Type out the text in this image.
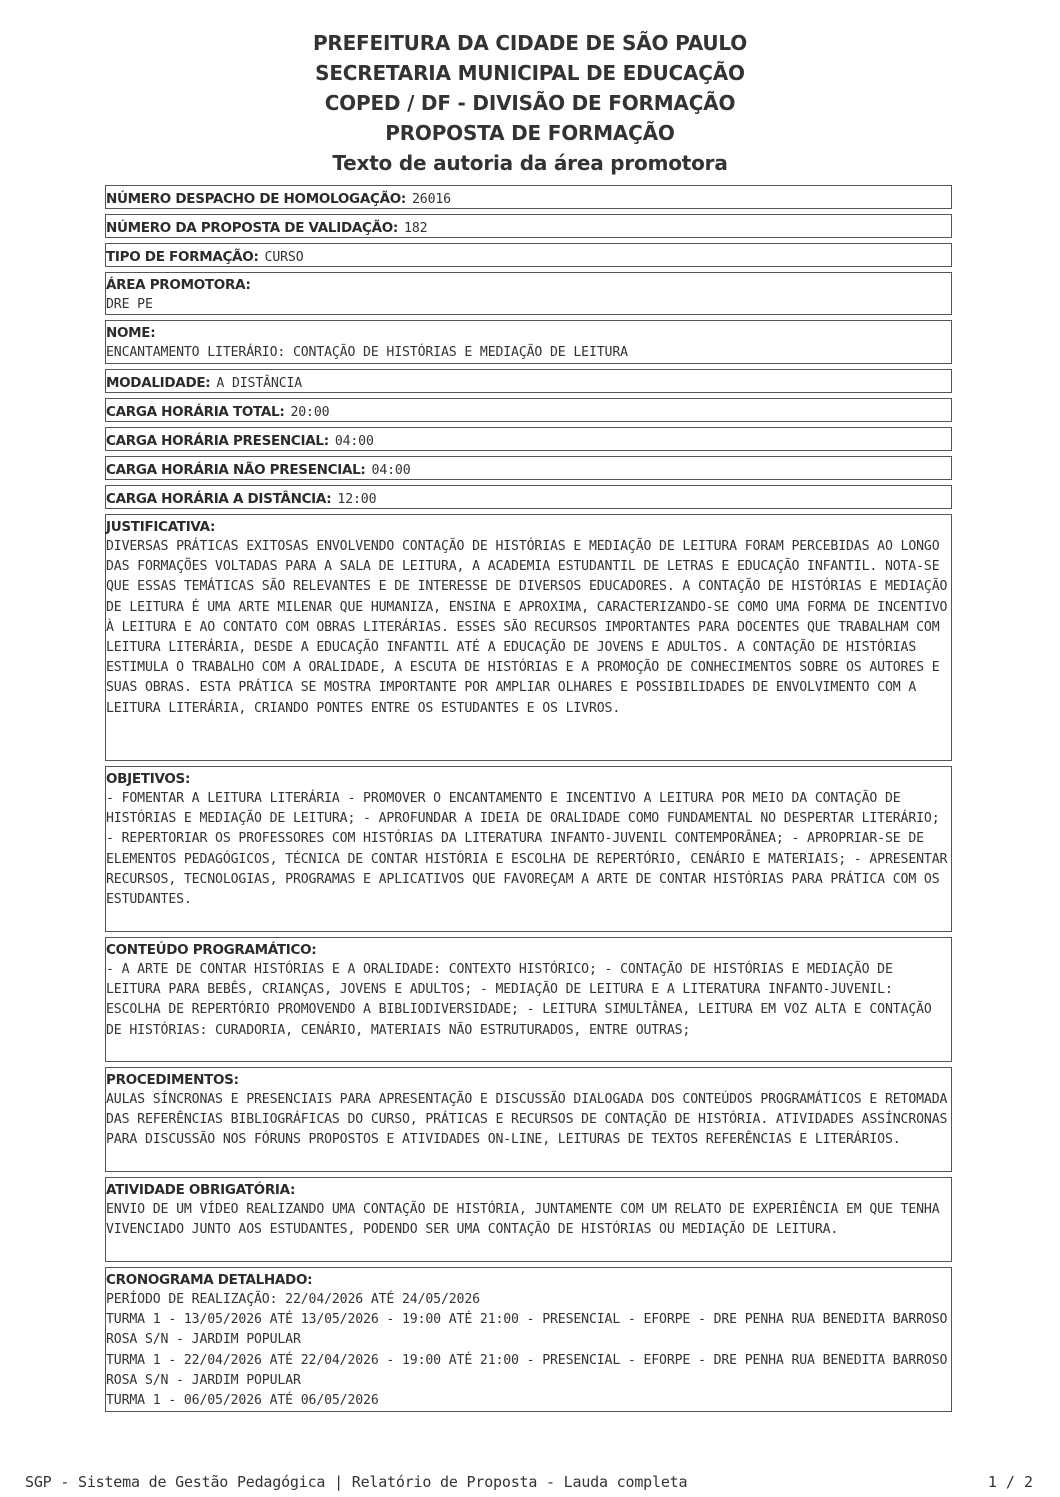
PREFEITURA DA CIDADE DE SÃO PAULO
SECRETARIA MUNICIPAL DE EDUCAÇÃO
COPED / DF - DIVISÃO DE FORMAÇÃO
PROPOSTA DE FORMAÇÃO
Texto de autoria da área promotora
NÚMERO DESPACHO DE HOMOLOGAÇÃO: 26016
NÚMERO DA PROPOSTA DE VALIDAÇÃO: 182
TIPO DE FORMAÇÃO: CURSO
ÁREA PROMOTORA:
DRE PE
NOME:
ENCANTAMENTO LITERÁRIO: CONTAÇÃO DE HISTÓRIAS E MEDIAÇÃO DE LEITURA
MODALIDADE: A DISTÂNCIA
CARGA HORÁRIA TOTAL: 20:00
CARGA HORÁRIA PRESENCIAL: 04:00
CARGA HORÁRIA NÃO PRESENCIAL: 04:00
CARGA HORÁRIA A DISTÂNCIA: 12:00
JUSTIFICATIVA:
DIVERSAS PRÁTICAS EXITOSAS ENVOLVENDO CONTAÇÃO DE HISTÓRIAS E MEDIAÇÃO DE LEITURA FORAM PERCEBIDAS AO LONGO DAS FORMAÇÕES VOLTADAS PARA A SALA DE LEITURA, A ACADEMIA ESTUDANTIL DE LETRAS E EDUCAÇÃO INFANTIL. NOTA-SE QUE ESSAS TEMÁTICAS SÃO RELEVANTES E DE INTERESSE DE DIVERSOS EDUCADORES. A CONTAÇÃO DE HISTÓRIAS E MEDIAÇÃO DE LEITURA É UMA ARTE MILENAR QUE HUMANIZA, ENSINA E APROXIMA, CARACTERIZANDO-SE COMO UMA FORMA DE INCENTIVO À LEITURA E AO CONTATO COM OBRAS LITERÁRIAS. ESSES SÃO RECURSOS IMPORTANTES PARA DOCENTES QUE TRABALHAM COM LEITURA LITERÁRIA, DESDE A EDUCAÇÃO INFANTIL ATÉ A EDUCAÇÃO DE JOVENS E ADULTOS. A CONTAÇÃO DE HISTÓRIAS ESTIMULA O TRABALHO COM A ORALIDADE, A ESCUTA DE HISTÓRIAS E A PROMOÇÃO DE CONHECIMENTOS SOBRE OS AUTORES E SUAS OBRAS. ESTA PRÁTICA SE MOSTRA IMPORTANTE POR AMPLIAR OLHARES E POSSIBILIDADES DE ENVOLVIMENTO COM A LEITURA LITERÁRIA, CRIANDO PONTES ENTRE OS ESTUDANTES E OS LIVROS.
OBJETIVOS:
- FOMENTAR A LEITURA LITERÁRIA - PROMOVER O ENCANTAMENTO E INCENTIVO A LEITURA POR MEIO DA CONTAÇÃO DE HISTÓRIAS E MEDIAÇÃO DE LEITURA; - APROFUNDAR A IDEIA DE ORALIDADE COMO FUNDAMENTAL NO DESPERTAR LITERÁRIO; - REPERTORIAR OS PROFESSORES COM HISTÓRIAS DA LITERATURA INFANTO-JUVENIL CONTEMPORÂNEA; - APROPRIAR-SE DE ELEMENTOS PEDAGÓGICOS, TÉCNICA DE CONTAR HISTÓRIA E ESCOLHA DE REPERTÓRIO, CENÁRIO E MATERIAIS; - APRESENTAR RECURSOS, TECNOLOGIAS, PROGRAMAS E APLICATIVOS QUE FAVOREÇAM A ARTE DE CONTAR HISTÓRIAS PARA PRÁTICA COM OS ESTUDANTES.
CONTEÚDO PROGRAMÁTICO:
- A ARTE DE CONTAR HISTÓRIAS E A ORALIDADE: CONTEXTO HISTÓRICO; - CONTAÇÃO DE HISTÓRIAS E MEDIAÇÃO DE LEITURA PARA BEBÊS, CRIANÇAS, JOVENS E ADULTOS; - MEDIAÇÃO DE LEITURA E A LITERATURA INFANTO-JUVENIL: ESCOLHA DE REPERTÓRIO PROMOVENDO A BIBLIODIVERSIDADE; - LEITURA SIMULTÂNEA, LEITURA EM VOZ ALTA E CONTAÇÃO DE HISTÓRIAS: CURADORIA, CENÁRIO, MATERIAIS NÃO ESTRUTURADOS, ENTRE OUTRAS;
PROCEDIMENTOS:
AULAS SÍNCRONAS E PRESENCIAIS PARA APRESENTAÇÃO E DISCUSSÃO DIALOGADA DOS CONTEÚDOS PROGRAMÁTICOS E RETOMADA DAS REFERÊNCIAS BIBLIOGRÁFICAS DO CURSO, PRÁTICAS E RECURSOS DE CONTAÇÃO DE HISTÓRIA. ATIVIDADES ASSÍNCRONAS PARA DISCUSSÃO NOS FÓRUNS PROPOSTOS E ATIVIDADES ON-LINE, LEITURAS DE TEXTOS REFERÊNCIAS E LITERÁRIOS.
ATIVIDADE OBRIGATÓRIA:
ENVIO DE UM VÍDEO REALIZANDO UMA CONTAÇÃO DE HISTÓRIA, JUNTAMENTE COM UM RELATO DE EXPERIÊNCIA EM QUE TENHA VIVENCIADO JUNTO AOS ESTUDANTES, PODENDO SER UMA CONTAÇÃO DE HISTÓRIAS OU MEDIAÇÃO DE LEITURA.
CRONOGRAMA DETALHADO:
PERÍODO DE REALIZAÇÃO: 22/04/2026 ATÉ 24/05/2026
TURMA 1 - 13/05/2026 ATÉ 13/05/2026 - 19:00 ATÉ 21:00 - PRESENCIAL - EFORPE - DRE PENHA RUA BENEDITA BARROSO ROSA S/N - JARDIM POPULAR
TURMA 1 - 22/04/2026 ATÉ 22/04/2026 - 19:00 ATÉ 21:00 - PRESENCIAL - EFORPE - DRE PENHA RUA BENEDITA BARROSO ROSA S/N - JARDIM POPULAR
TURMA 1 - 06/05/2026 ATÉ 06/05/2026
SGP - Sistema de Gestão Pedagógica | Relatório de Proposta - Lauda completa	1 / 2
